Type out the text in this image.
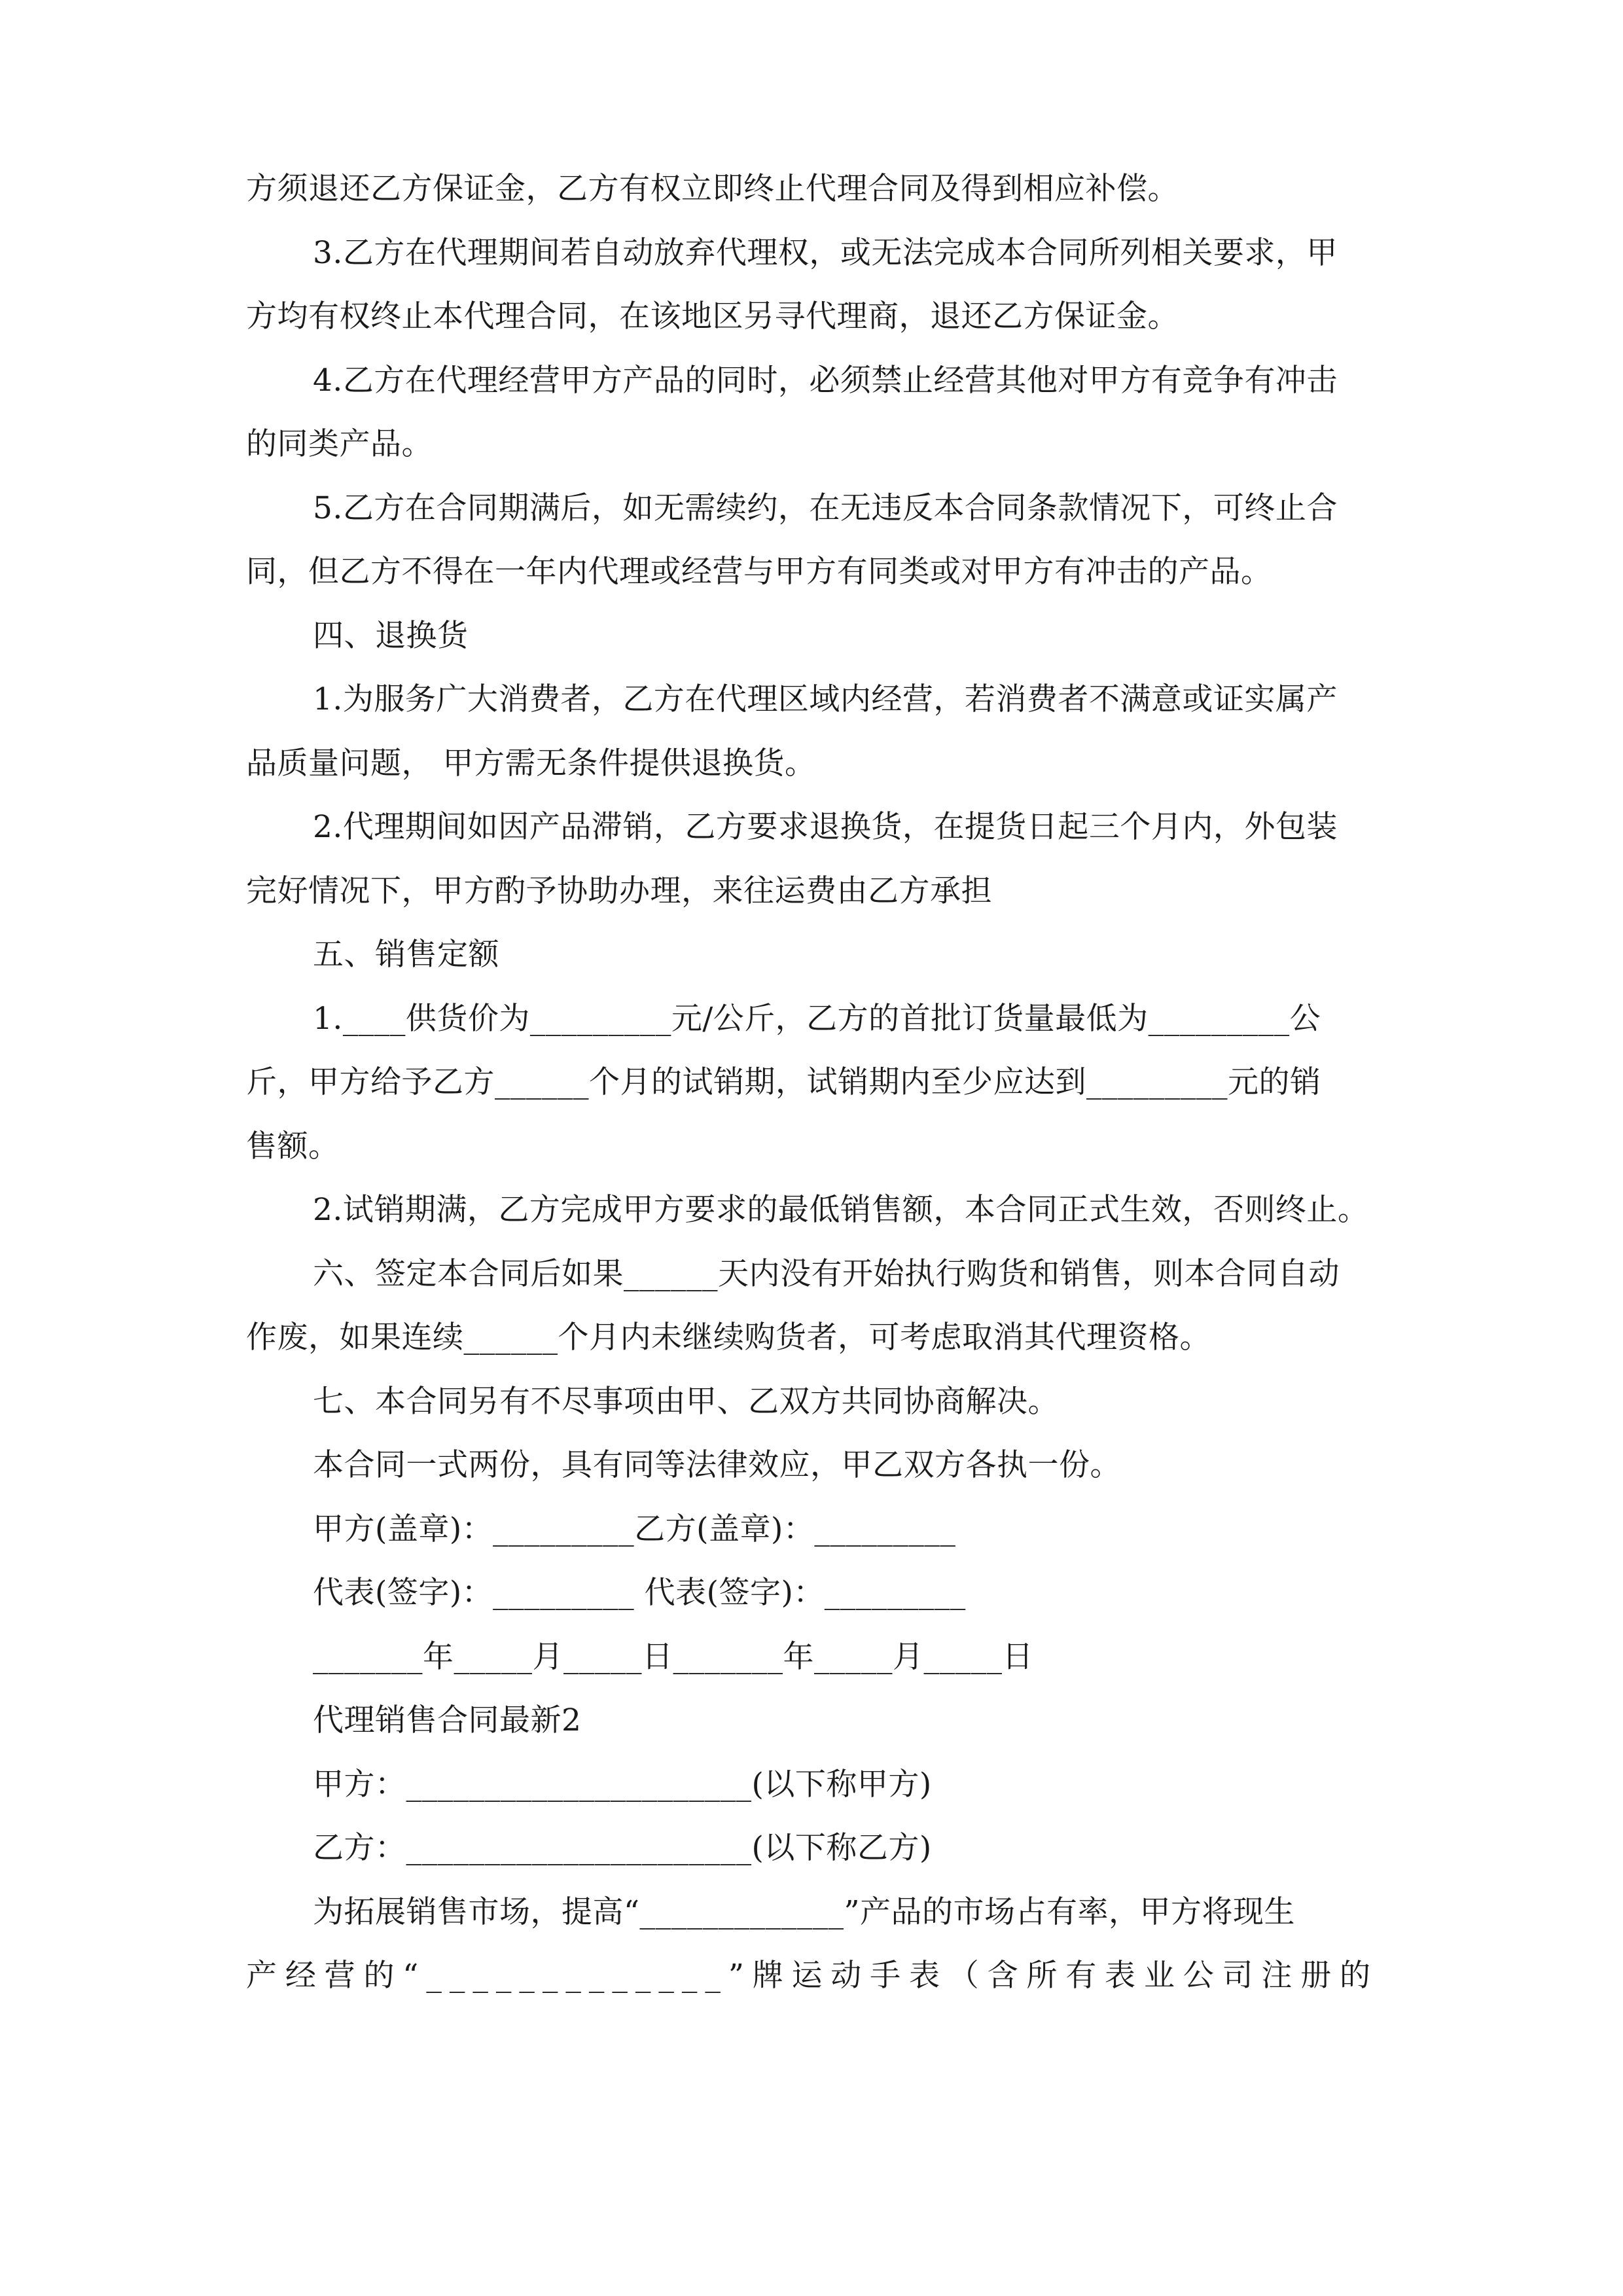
方须退还乙方保证金，乙方有权立即终止代理合同及得到相应补偿。

3.乙方在代理期间若自动放弃代理权，或无法完成本合同所列相关要求，甲

方均有权终止本代理合同，在该地区另寻代理商，退还乙方保证金。

4.乙方在代理经营甲方产品的同时，必须禁止经营其他对甲方有竞争有冲击

的同类产品。

5.乙方在合同期满后，如无需续约，在无违反本合同条款情况下，可终止合

同，但乙方不得在一年内代理或经营与甲方有同类或对甲方有冲击的产品。

四、退换货

1.为服务广大消费者，乙方在代理区域内经营，若消费者不满意或证实属产

品质量问题， 甲方需无条件提供退换货。

2.代理期间如因产品滞销，乙方要求退换货，在提货日起三个月内，外包装

完好情况下，甲方酌予协助办理，来往运费由乙方承担

五、销售定额

1.____供货价为_________元/公斤，乙方的首批订货量最低为_________公

斤，甲方给予乙方______个月的试销期，试销期内至少应达到_________元的销

售额。

2.试销期满，乙方完成甲方要求的最低销售额，本合同正式生效，否则终止。

六、签定本合同后如果______天内没有开始执行购货和销售，则本合同自动

作废，如果连续______个月内未继续购货者，可考虑取消其代理资格。

七、本合同另有不尽事项由甲、乙双方共同协商解决。

本合同一式两份，具有同等法律效应，甲乙双方各执一份。

甲方(盖章)：_________乙方(盖章)：_________

代表(签字)：_________ 代表(签字)：_________

_______年_____月_____日_______年_____月_____日

代理销售合同最新2

甲方：______________________(以下称甲方)

乙方：______________________(以下称乙方)

为拓展销售市场，提高“_____________”产品的市场占有率，甲方将现生

产经营的“_____________”牌运动手表（含所有表业公司注册的
